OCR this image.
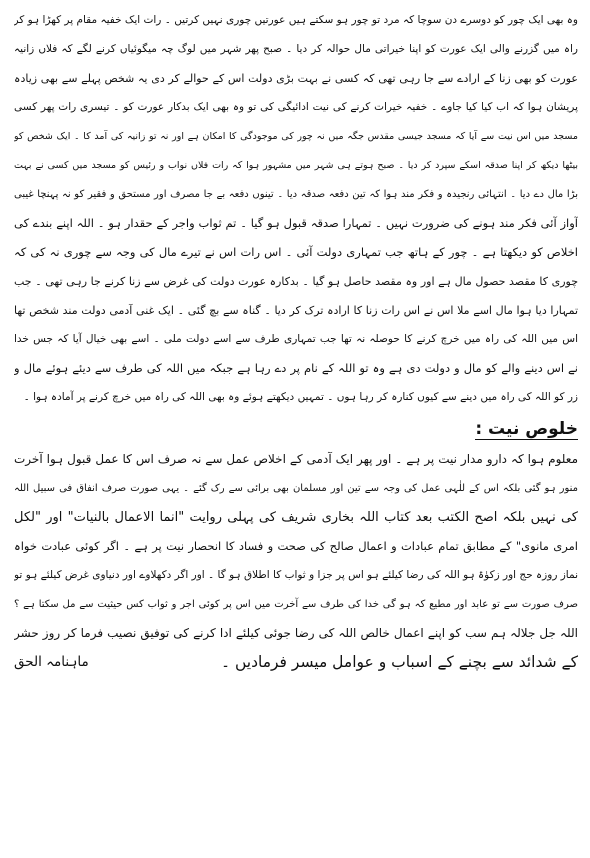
وہ بھی ایک چور کو دوسرے دن سوچا کہ مرد تو چور ہو سکتے ہیں عورتیں چوری نہیں کرتیں ۔ رات ایک خفیہ مقام پر کھڑا ہو کر
راہ میں گزرنے والی ایک عورت کو اپنا خیراتی مال حوالہ کر دیا ۔ صبح پھر شہر میں لوگ چہ میگوئیاں کرنے لگے کہ فلاں زانیہ
عورت کو بھی زنا کے ارادے سے جا رہی تھی کہ کسی نے بہت بڑی دولت اس کے حوالے کر دی یہ شخص پہلے سے بھی زیادہ
پریشان ہوا کہ اب کیا کیا جاوے ۔ خفیہ خیرات کرنے کی نیت ادائیگی کی تو وہ بھی ایک بدکار عورت کو ۔ تیسری رات پھر کسی
مسجد میں اس نیت سے آیا کہ مسجد جیسی مقدس جگہ میں نہ چور کی موجودگی کا امکان ہے اور نہ تو زانیہ کی آمد کا ۔ ایک شخص کو
بیٹھا دیکھ کر اپنا صدقہ اسکے سپرد کر دیا ۔ صبح ہوتے ہی شہر میں مشہور ہوا کہ رات فلاں نواب و رئیس کو مسجد میں کسی نے بہت
بڑا مال دے دیا ۔ انتہائی رنجیدہ و فکر مند ہوا کہ تین دفعہ صدقہ دیا ۔ تینوں دفعہ بے جا مصرف اور مستحق و فقیر کو نہ پہنچا غیبی
آواز آئی فکر مند ہونے کی ضرورت نہیں ۔ تمہارا صدقہ قبول ہو گیا ۔ تم ثواب واجر کے حقدار ہو ۔ اللہ اپنے بندے کی
اخلاص کو دیکھتا ہے ۔ چور کے ہاتھ جب تمہاری دولت آئی ۔ اس رات اس نے تیرے مال کی وجہ سے چوری نہ کی کہ
چوری کا مقصد حصول مال ہے اور وہ مقصد حاصل ہو گیا ۔ بدکارہ عورت دولت کی غرض سے زنا کرنے جا رہی تھی ۔ جب
تمہارا دیا ہوا مال اسے ملا اس نے اس رات زنا کا ارادہ ترک کر دیا ۔ گناہ سے بچ گئی ۔ ایک غنی آدمی دولت مند شخص تھا
اس میں اللہ کی راہ میں خرچ کرنے کا حوصلہ نہ تھا جب تمہاری طرف سے اسے دولت ملی ۔ اسے بھی خیال آیا کہ جس خدا
نے اس دینے والے کو مال و دولت دی ہے وہ تو اللہ کے نام پر دے رہا ہے جبکہ میں اللہ کی طرف سے دیئے ہوئے مال و
زر کو اللہ کی راہ میں دینے سے کیوں کنارہ کر رہا ہوں ۔ تمہیں دیکھتے ہوئے وہ بھی اللہ کی راہ میں خرچ کرنے پر آمادہ ہوا ۔
خلوص نیت :
معلوم ہوا کہ دارو مدار نیت پر ہے ۔ اور پھر ایک آدمی کے اخلاص عمل سے نہ صرف اس کا عمل قبول ہوا آخرت
منور ہو گئی بلکہ اس کے للٰہی عمل کی وجہ سے تین اور مسلمان بھی برائی سے رک گئے ۔ یہی صورت صرف انفاق فی سبیل اللہ
کی نہیں بلکہ اصح الکتب بعد کتاب اللہ بخاری شریف کی پہلی روایت "انما الاعمال بالنیات" اور "لکل
امری مانوی" کے مطابق تمام عبادات و اعمال صالح کی صحت و فساد کا انحصار نیت پر ہے ۔ اگر کوئی عبادت خواہ
نماز روزہ حج اور زکوٰۃ ہو اللہ کی رضا کیلئے ہو اس پر جزا و ثواب کا اطلاق ہو گا ۔ اور اگر دکھلاوے اور دنیاوی غرض کیلئے ہو تو
صرف صورت سے تو عابد اور مطیع کہ ہو گی خدا کی طرف سے آخرت میں اس پر کوئی اجر و ثواب کس حیثیت سے مل سکتا ہے ؟
اللہ جل جلالہ ہم سب کو اپنے اعمال خالص اللہ کی رضا جوئی کیلئے ادا کرنے کی توفیق نصیب فرما کر روز حشر
کے شدائد سے بچنے کے اسباب و عوامل میسر فرمادیں ۔
ماہنامہ الحق
